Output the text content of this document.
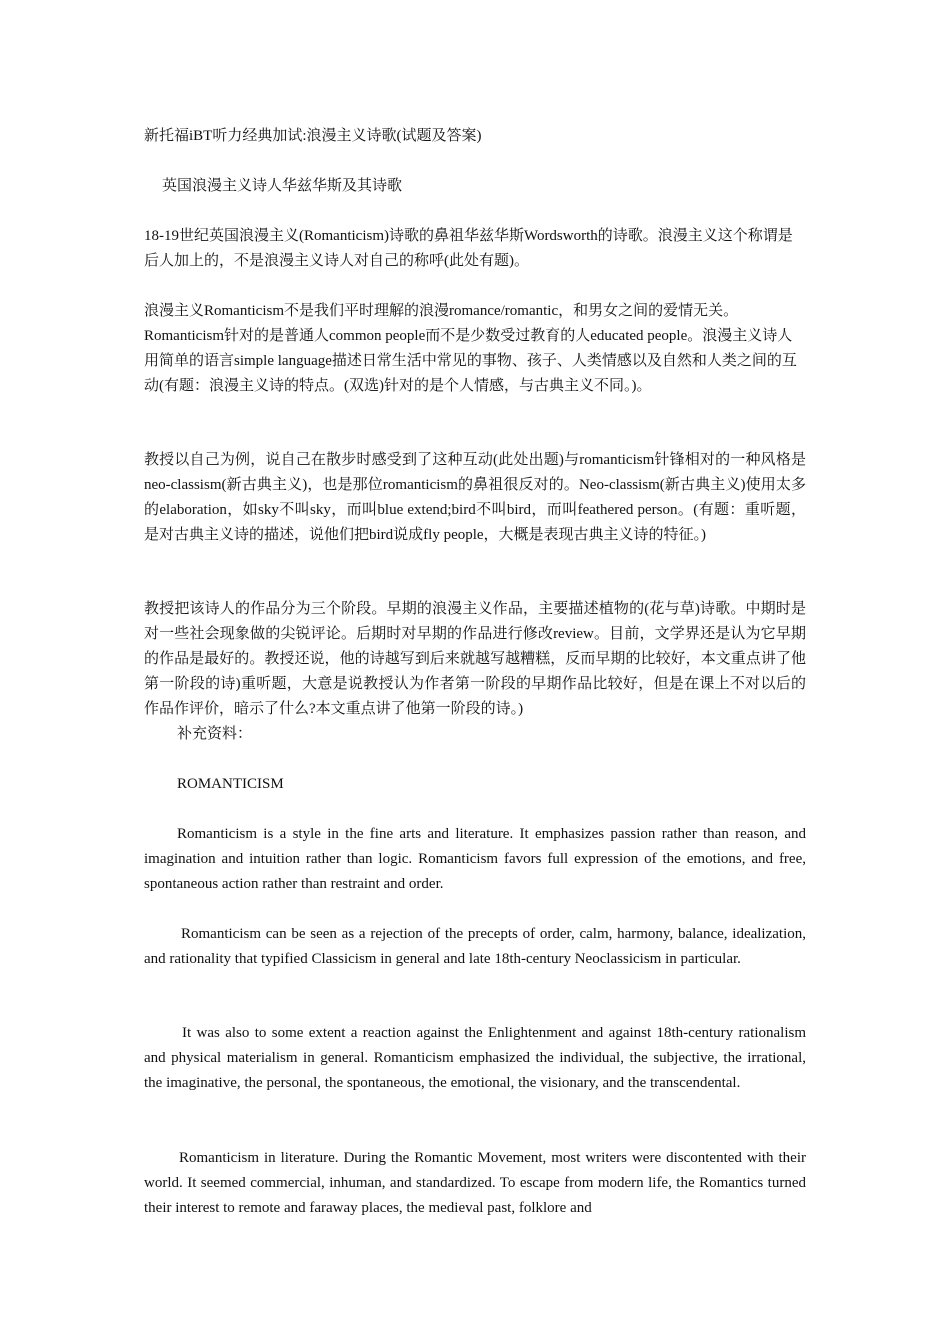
新托福iBT听力经典加试:浪漫主义诗歌(试题及答案)
英国浪漫主义诗人华兹华斯及其诗歌

18-19世纪英国浪漫主义(Romanticism)诗歌的鼻祖华兹华斯Wordsworth的诗歌。浪漫主义这个称谓是后人加上的，不是浪漫主义诗人对自己的称呼(此处有题)。

浪漫主义Romanticism不是我们平时理解的浪漫romance/romantic，和男女之间的爱情无关。Romanticism针对的是普通人common people而不是少数受过教育的人educated people。浪漫主义诗人用简单的语言simple language描述日常生活中常见的事物、孩子、人类情感以及自然和人类之间的互动(有题：浪漫主义诗的特点。(双选)针对的是个人情感，与古典主义不同。)。

教授以自己为例，说自己在散步时感受到了这种互动(此处出题)与romanticism针锋相对的一种风格是neo-classism(新古典主义)，也是那位romanticism的鼻祖很反对的。Neo-classism(新古典主义)使用太多的elaboration，如sky不叫sky，而叫blue extend;bird不叫bird，而叫feathered person。(有题：重听题，是对古典主义诗的描述，说他们把bird说成fly people，大概是表现古典主义诗的特征。)

教授把该诗人的作品分为三个阶段。早期的浪漫主义作品，主要描述植物的(花与草)诗歌。中期时是对一些社会现象做的尖锐评论。后期时对早期的作品进行修改review。目前，文学界还是认为它早期的作品是最好的。教授还说，他的诗越写到后来就越写越糟糕，反而早期的比较好，本文重点讲了他第一阶段的诗)重听题，大意是说教授认为作者第一阶段的早期作品比较好，但是在课上不对以后的作品作评价，暗示了什么?本文重点讲了他第一阶段的诗。)

补充资料：
ROMANTICISM

Romanticism is a style in the fine arts and literature. It emphasizes passion rather than reason, and imagination and intuition rather than logic. Romanticism favors full expression of the emotions, and free, spontaneous action rather than restraint and order.

Romanticism can be seen as a rejection of the precepts of order, calm, harmony, balance, idealization, and rationality that typified Classicism in general and late 18th-century Neoclassicism in particular.

It was also to some extent a reaction against the Enlightenment and against 18th-century rationalism and physical materialism in general. Romanticism emphasized the individual, the subjective, the irrational, the imaginative, the personal, the spontaneous, the emotional, the visionary, and the transcendental.

Romanticism in literature. During the Romantic Movement, most writers were discontented with their world. It seemed commercial, inhuman, and standardized. To escape from modern life, the Romantics turned their interest to remote and faraway places, the medieval past, folklore and
